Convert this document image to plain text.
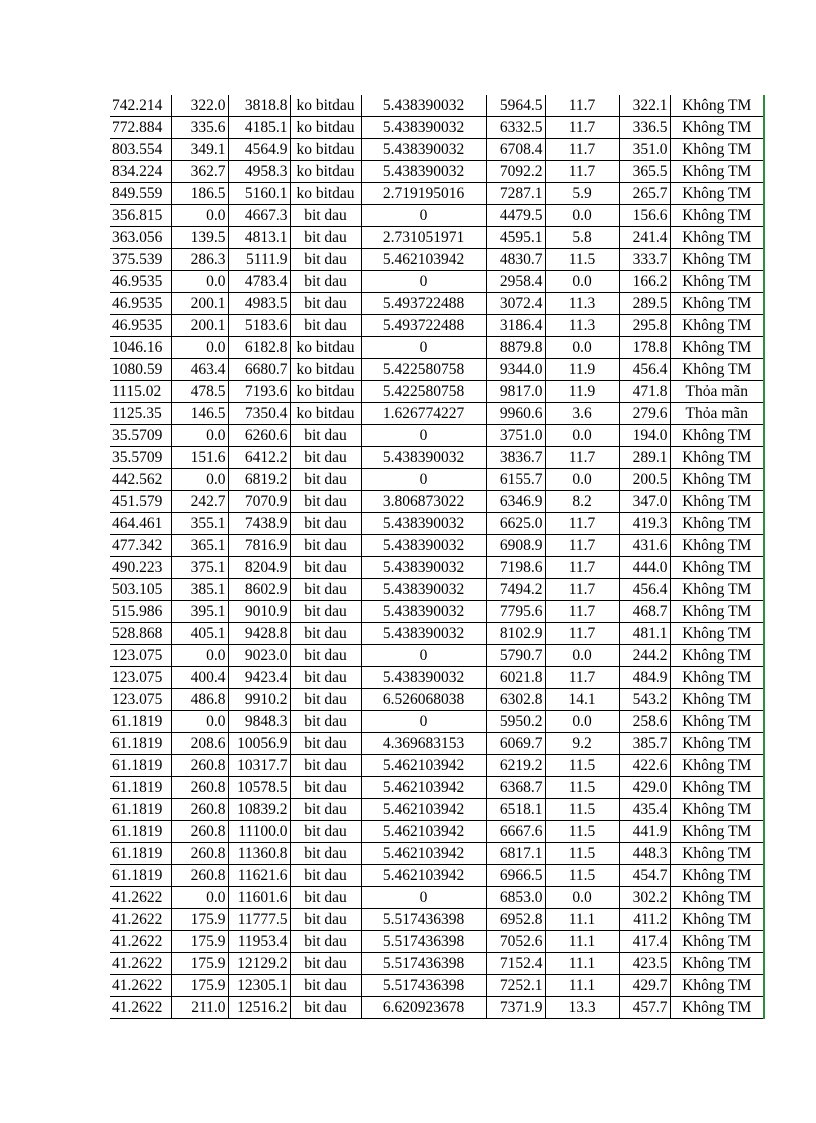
742.214	322.0	3818.8	ko bitdau	5.438390032	5964.5	11.7	322.1	Không TM
772.884	335.6	4185.1	ko bitdau	5.438390032	6332.5	11.7	336.5	Không TM
803.554	349.1	4564.9	ko bitdau	5.438390032	6708.4	11.7	351.0	Không TM
834.224	362.7	4958.3	ko bitdau	5.438390032	7092.2	11.7	365.5	Không TM
849.559	186.5	5160.1	ko bitdau	2.719195016	7287.1	5.9	265.7	Không TM
356.815	0.0	4667.3	bit dau	0	4479.5	0.0	156.6	Không TM
363.056	139.5	4813.1	bit dau	2.731051971	4595.1	5.8	241.4	Không TM
375.539	286.3	5111.9	bit dau	5.462103942	4830.7	11.5	333.7	Không TM
46.9535	0.0	4783.4	bit dau	0	2958.4	0.0	166.2	Không TM
46.9535	200.1	4983.5	bit dau	5.493722488	3072.4	11.3	289.5	Không TM
46.9535	200.1	5183.6	bit dau	5.493722488	3186.4	11.3	295.8	Không TM
1046.16	0.0	6182.8	ko bitdau	0	8879.8	0.0	178.8	Không TM
1080.59	463.4	6680.7	ko bitdau	5.422580758	9344.0	11.9	456.4	Không TM
1115.02	478.5	7193.6	ko bitdau	5.422580758	9817.0	11.9	471.8	Thỏa mãn
1125.35	146.5	7350.4	ko bitdau	1.626774227	9960.6	3.6	279.6	Thỏa mãn
35.5709	0.0	6260.6	bit dau	0	3751.0	0.0	194.0	Không TM
35.5709	151.6	6412.2	bit dau	5.438390032	3836.7	11.7	289.1	Không TM
442.562	0.0	6819.2	bit dau	0	6155.7	0.0	200.5	Không TM
451.579	242.7	7070.9	bit dau	3.806873022	6346.9	8.2	347.0	Không TM
464.461	355.1	7438.9	bit dau	5.438390032	6625.0	11.7	419.3	Không TM
477.342	365.1	7816.9	bit dau	5.438390032	6908.9	11.7	431.6	Không TM
490.223	375.1	8204.9	bit dau	5.438390032	7198.6	11.7	444.0	Không TM
503.105	385.1	8602.9	bit dau	5.438390032	7494.2	11.7	456.4	Không TM
515.986	395.1	9010.9	bit dau	5.438390032	7795.6	11.7	468.7	Không TM
528.868	405.1	9428.8	bit dau	5.438390032	8102.9	11.7	481.1	Không TM
123.075	0.0	9023.0	bit dau	0	5790.7	0.0	244.2	Không TM
123.075	400.4	9423.4	bit dau	5.438390032	6021.8	11.7	484.9	Không TM
123.075	486.8	9910.2	bit dau	6.526068038	6302.8	14.1	543.2	Không TM
61.1819	0.0	9848.3	bit dau	0	5950.2	0.0	258.6	Không TM
61.1819	208.6	10056.9	bit dau	4.369683153	6069.7	9.2	385.7	Không TM
61.1819	260.8	10317.7	bit dau	5.462103942	6219.2	11.5	422.6	Không TM
61.1819	260.8	10578.5	bit dau	5.462103942	6368.7	11.5	429.0	Không TM
61.1819	260.8	10839.2	bit dau	5.462103942	6518.1	11.5	435.4	Không TM
61.1819	260.8	11100.0	bit dau	5.462103942	6667.6	11.5	441.9	Không TM
61.1819	260.8	11360.8	bit dau	5.462103942	6817.1	11.5	448.3	Không TM
61.1819	260.8	11621.6	bit dau	5.462103942	6966.5	11.5	454.7	Không TM
41.2622	0.0	11601.6	bit dau	0	6853.0	0.0	302.2	Không TM
41.2622	175.9	11777.5	bit dau	5.517436398	6952.8	11.1	411.2	Không TM
41.2622	175.9	11953.4	bit dau	5.517436398	7052.6	11.1	417.4	Không TM
41.2622	175.9	12129.2	bit dau	5.517436398	7152.4	11.1	423.5	Không TM
41.2622	175.9	12305.1	bit dau	5.517436398	7252.1	11.1	429.7	Không TM
41.2622	211.0	12516.2	bit dau	6.620923678	7371.9	13.3	457.7	Không TM
